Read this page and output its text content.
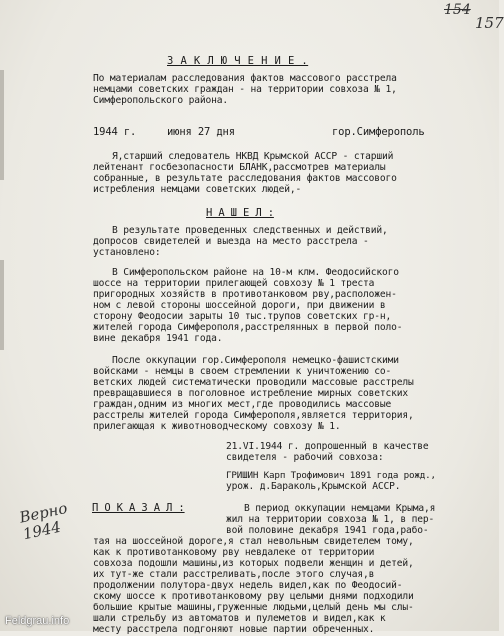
154
157
З А К Л Ю Ч Е Н И Е .
По материалам расследования фактов массового расстрела
немцами советских граждан - на территории совхоза № 1,
Симферопольского района.
1944 г.	июня 27 дня	гор.Симферополь
Я,старший следователь НКВД Крымской АССР - старший
лейтенант госбезопасности БЛАНК,рассмотрев материалы
собранные, в результате расследования фактов массового
истребления немцами советских людей,-
Н А Ш Е Л :
В результате проведенных следственных и действий,
допросов свидетелей и выезда на место расстрела -
установлено:
В Симферопольском районе на 10-м клм. Феодосийского
шоссе на территории прилегающей совхозу № 1 треста
пригородных хозяйств в противотанковом рву,расположен-
ном с левой стороны шоссейной дороги, при движении в
сторону Феодосии зарыты 10 тыс.трупов советских гр-н,
жителей города Симферополя,расстрелянных в первой поло-
вине декабря 1941 года.
После оккупации гор.Симферополя немецко-фашистскими
войсками - немцы в своем стремлении к уничтожению со-
ветских людей систематически проводили массовые расстрелы
превращавшиеся в поголовное истребление мирных советских
граждан,одним из многих мест,где проводились массовые
расстрелы жителей города Симферополя,является территория,
прилегающая к животноводческому совхозу № 1.
21.VI.1944 г. допрошенный в качестве
свидетеля - рабочий совхоза:
ГРИШИН Карп Трофимович 1891 года рожд.,
урож. д.Бараколь,Крымской АССР.
П О К А З А Л :	В период оккупации немцами Крыма,я
жил на территории совхоза № 1, в пер-
вой половине декабря 1941 года,рабо-
тая на шоссейной дороге,я стал невольным свидетелем тому,
как к противотанковому рву невдалеке от территории
совхоза подошли машины,из которых подвели женщин и детей,
их тут-же стали расстреливать,после этого случая,в
продолжении полутора-двух недель видел,как по Феодосий-
скому шоссе к противотанковому рву целыми днями подходили
большие крытые машины,груженные людьми,целый день мы слы-
шали стрельбу из автоматов и пулеметов и видел,как к
месту расстрела подгоняют новые партии обреченных.
Верно
1944
Feldgrau.info
